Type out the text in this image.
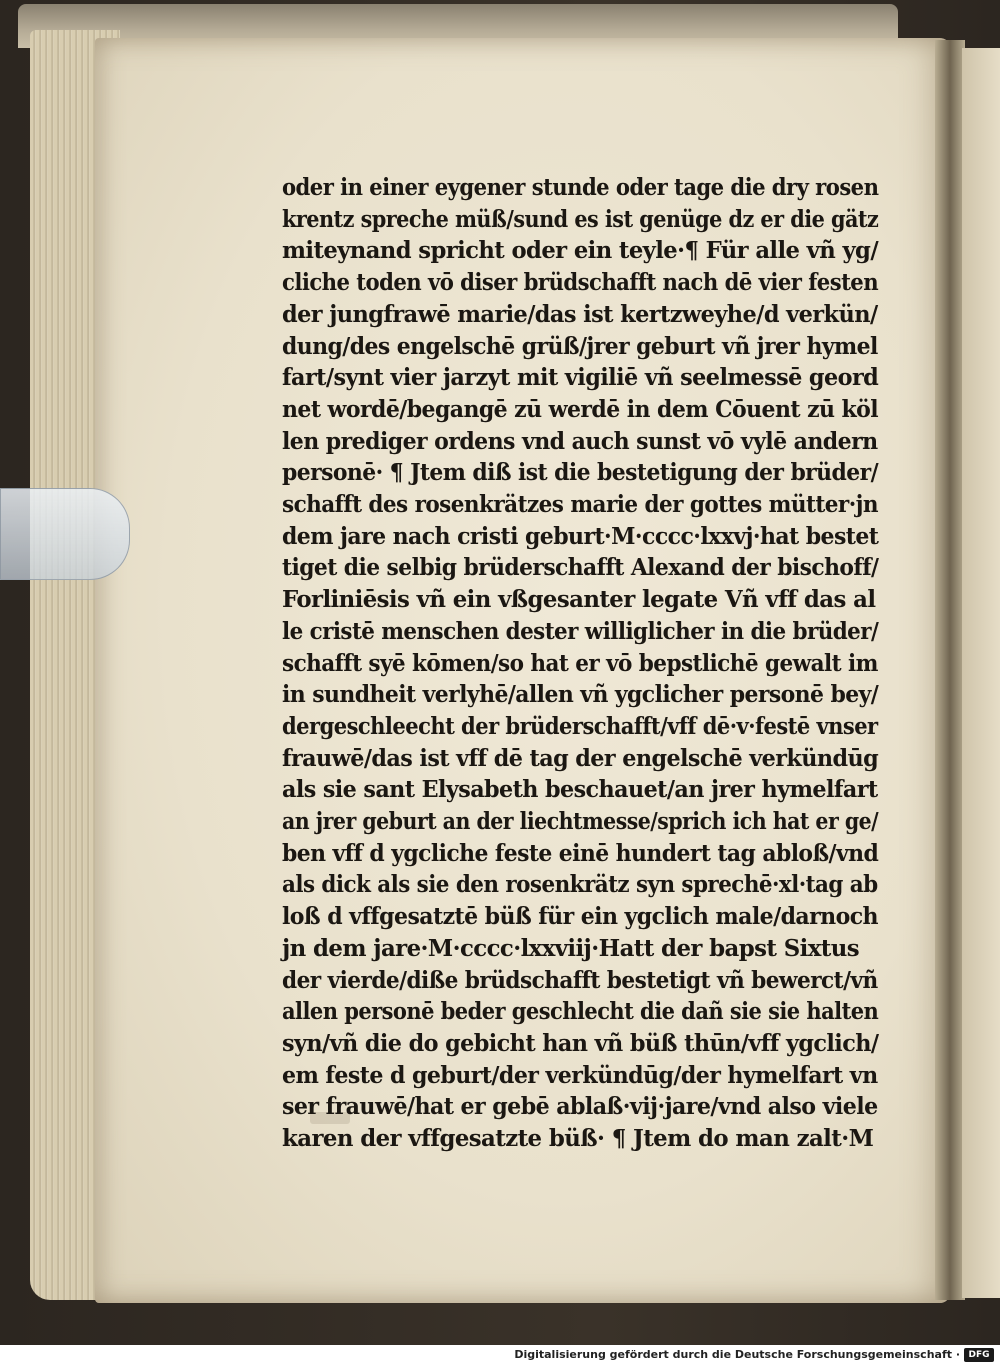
oder in einer eygener stunde oder tage die dry rosen
krentz spreche müß/sund es ist genüge dz er die gätz
miteynand spricht oder ein teyle·¶ Für alle vñ yg/
cliche toden vō diser brüdschafft nach dē vier festen
der jungfrawē marie/das ist kertzweyhe/d verkün/
dung/des engelschē grüß/jrer geburt vñ jrer hymel
fart/synt vier jarzyt mit vigiliē vñ seelmessē geord
net wordē/begangē zū werdē in dem Cōuent zū köl
len prediger ordens vnd auch sunst vō vylē andern
personē· ¶ Jtem diß ist die bestetigung der brüder/
schafft des rosenkrätzes marie der gottes mütter·jn
dem jare nach cristi geburt·M·cccc·lxxvj·hat bestet
tiget die selbig brüderschafft Alexand der bischoff/
Forliniēsis vñ ein vßgesanter legate Vñ vff das al
le cristē menschen dester williglicher in die brüder/
schafft syē kōmen/so hat er vō bepstlichē gewalt im
in sundheit verlyhē/allen vñ ygclicher personē bey/
dergeschleecht der brüderschafft/vff dē·v·festē vnser
frauwē/das ist vff dē tag der engelschē verkündūg
als sie sant Elysabeth beschauet/an jrer hymelfart
an jrer geburt an der liechtmesse/sprich ich hat er ge/
ben vff d ygcliche feste einē hundert tag abloß/vnd
als dick als sie den rosenkrätz syn sprechē·xl·tag ab
loß d vffgesatztē büß für ein ygclich male/darnoch
jn dem jare·M·cccc·lxxviij·Hatt der bapst Sixtus
der vierde/diße brüdschafft bestetigt vñ bewerct/vñ
allen personē beder geschlecht die dañ sie sie halten
syn/vñ die do gebicht han vñ büß thūn/vff ygclich/
em feste d geburt/der verkündūg/der hymelfart vn
ser frauwē/hat er gebē ablaß·vij·jare/vnd also viele
karen der vffgesatzte büß· ¶ Jtem do man zalt·M
Digitalisierung gefördert durch die Deutsche Forschungsgemeinschaft · DFG
